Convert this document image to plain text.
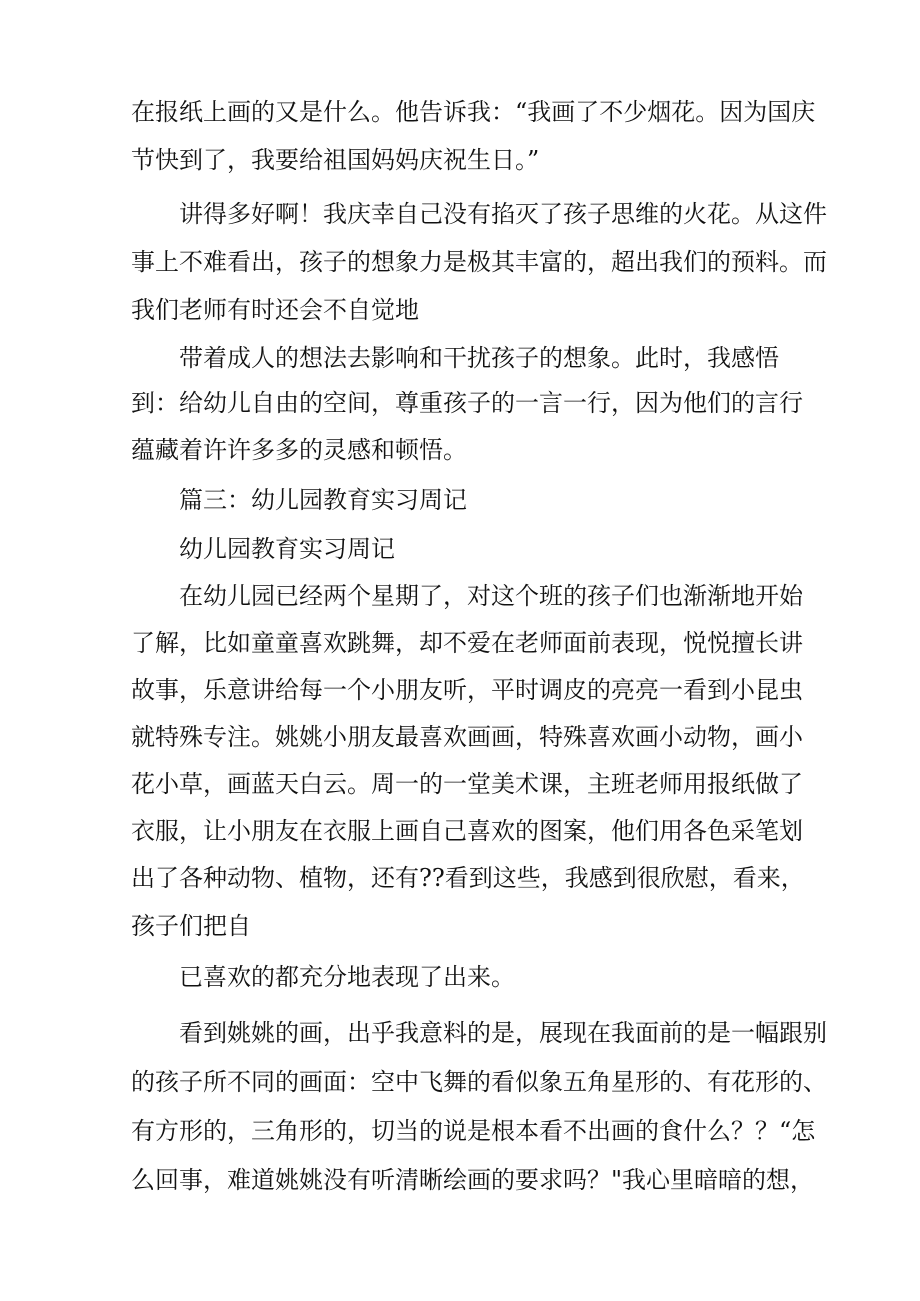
在报纸上画的又是什么。他告诉我：“我画了不少烟花。因为国庆
节快到了，我要给祖国妈妈庆祝生日。”
讲得多好啊！我庆幸自己没有掐灭了孩子思维的火花。从这件
事上不难看出，孩子的想象力是极其丰富的，超出我们的预料。而
我们老师有时还会不自觉地
带着成人的想法去影响和干扰孩子的想象。此时，我感悟
到：给幼儿自由的空间，尊重孩子的一言一行，因为他们的言行
蕴藏着许许多多的灵感和顿悟。
篇三：幼儿园教育实习周记
幼儿园教育实习周记
在幼儿园已经两个星期了，对这个班的孩子们也渐渐地开始
了解，比如童童喜欢跳舞，却不爱在老师面前表现，悦悦擅长讲
故事，乐意讲给每一个小朋友听，平时调皮的亮亮一看到小昆虫
就特殊专注。姚姚小朋友最喜欢画画，特殊喜欢画小动物，画小
花小草，画蓝天白云。周一的一堂美术课，主班老师用报纸做了
衣服，让小朋友在衣服上画自己喜欢的图案，他们用各色采笔划
出了各种动物、植物，还有??看到这些，我感到很欣慰，看来，
孩子们把自
已喜欢的都充分地表现了出来。
看到姚姚的画，出乎我意料的是，展现在我面前的是一幅跟别
的孩子所不同的画面：空中飞舞的看似象五角星形的、有花形的、
有方形的，三角形的，切当的说是根本看不出画的食什么？？“怎
么回事，难道姚姚没有听清晰绘画的要求吗？"我心里暗暗的想，
